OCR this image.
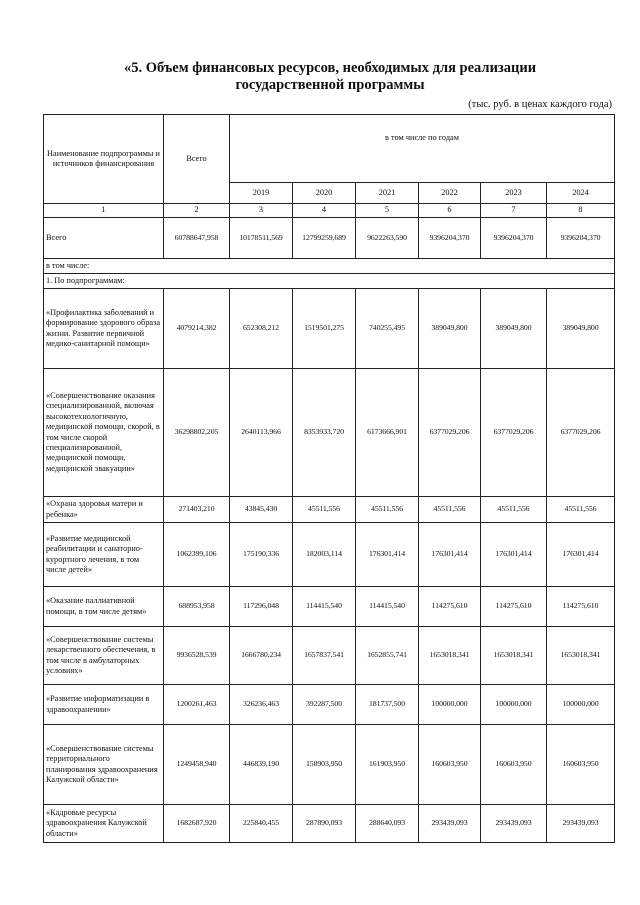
«5. Объем финансовых ресурсов, необходимых для реализации
государственной программы
(тыс. руб. в ценах каждого года)
Наименование подпрограммы и источников финансирования	Всего	в том числе по годам					
		2019	2020	2021	2022	2023	2024
1	2	3	4	5	6	7	8
Всего	60788647,958	10178511,569	12799259,689	9622263,590	9396204,370	9396204,370	9396204,370
в том числе:							
1. По подпрограммам:							
«Профилактика заболеваний и формирование здорового образа жизни. Развитие первичной медико-санитарной помощи»	4079214,382	652308,212	1519501,275	740255,495	389049,800	389049,800	389049,800
«Совершенствование оказания специализированной, включая высокотехнологичную, медицинской помощи, скорой, в том числе скорой специализированной, медицинской помощи, медицинской эвакуации»	36298802,205	2640113,966	8353933,720	6173666,901	6377029,206	6377029,206	6377029,206
«Охрана здоровья матери и ребенка»	271403,210	43845,430	45511,556	45511,556	45511,556	45511,556	45511,556
«Развитие медицинской реабилитации и санаторно-курортного лечения, в том числе детей»	1062399,106	175190,336	182003,114	176301,414	176301,414	176301,414	176301,414
«Оказание паллиативной помощи, в том числе детям»	688953,958	117296,048	114415,540	114415,540	114275,610	114275,610	114275,610
«Совершенствование системы лекарственного обеспечения, в том числе в амбулаторных условиях»	9936528,539	1666780,234	1657837,541	1652855,741	1653018,341	1653018,341	1653018,341
«Развитие информатизации в здравоохранении»	1200261,463	326236,463	392287,500	181737,500	100000,000	100000,000	100000,000
«Совершенствование системы территориального планирования здравоохранения Калужской области»	1249458,940	446839,190	158903,950	161903,950	160603,950	160603,950	160603,950
«Кадровые ресурсы здравоохранения Калужской области»	1682687,920	225840,455	287890,093	288640,093	293439,093	293439,093	293439,093
